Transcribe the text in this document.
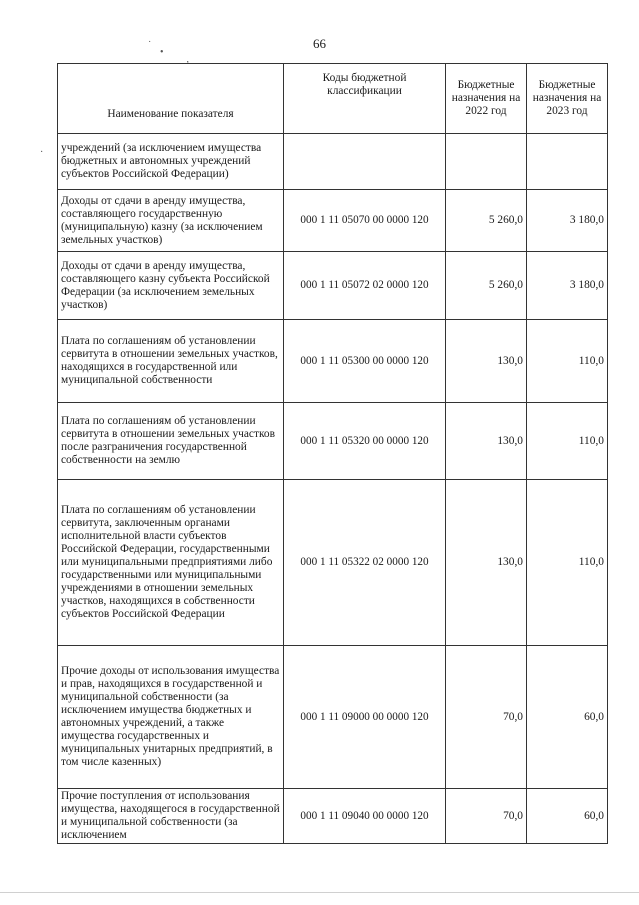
˙
•
‚
·
66
Наименование показателя	Коды бюджетной классификации	Бюджетные назначения на 2022 год	Бюджетные назначения на 2023 год
учреждений (за исключением имущества бюджетных и автономных учреждений субъектов Российской Федерации)			
Доходы от сдачи в аренду имущества, составляющего государственную (муниципальную) казну (за исключением земельных участков)	000 1 11 05070 00 0000 120	5 260,0	3 180,0
Доходы от сдачи в аренду имущества, составляющего казну субъекта Российской Федерации (за исключением земельных участков)	000 1 11 05072 02 0000 120	5 260,0	3 180,0
Плата по соглашениям об установлении сервитута в отношении земельных участков, находящихся в государственной или муниципальной собственности	000 1 11 05300 00 0000 120	130,0	110,0
Плата по соглашениям об установлении сервитута в отношении земельных участков после разграничения государственной собственности на землю	000 1 11 05320 00 0000 120	130,0	110,0
Плата по соглашениям об установлении сервитута, заключенным органами исполнительной власти субъектов Российской Федерации, государственными или муниципальными предприятиями либо государственными или муниципальными учреждениями в отношении земельных участков, находящихся в собственности субъектов Российской Федерации	000 1 11 05322 02 0000 120	130,0	110,0
Прочие доходы от использования имущества и прав, находящихся в государственной и муниципальной собственности (за исключением имущества бюджетных и автономных учреждений, а также имущества государственных и муниципальных унитарных предприятий, в том числе казенных)	000 1 11 09000 00 0000 120	70,0	60,0
Прочие поступления от использования имущества, находящегося в государственной и муниципальной собственности (за исключением	000 1 11 09040 00 0000 120	70,0	60,0
